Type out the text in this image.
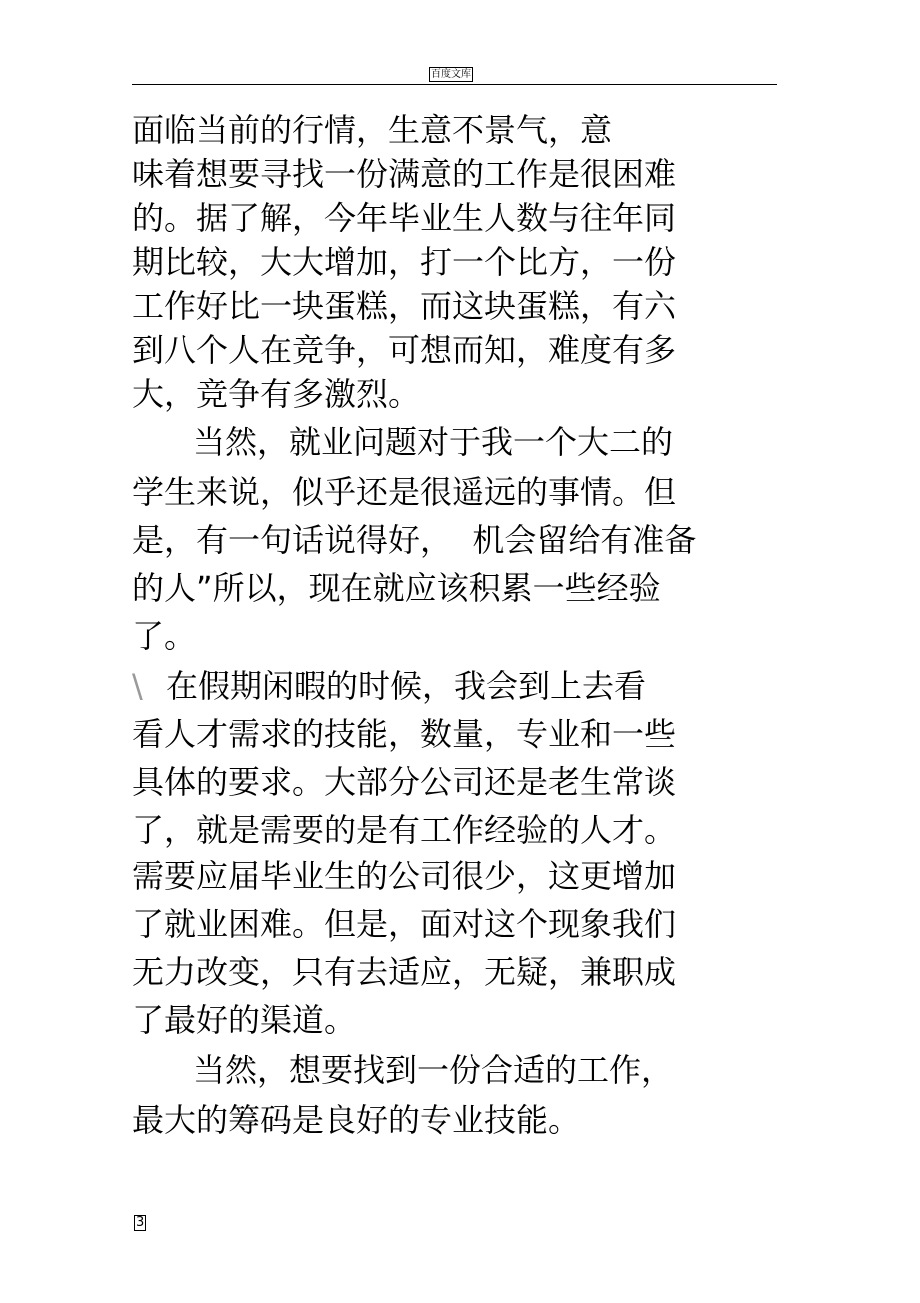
百度文库
面临当前的行情，生意不景气，意
味着想要寻找一份满意的工作是很困难
的。据了解，今年毕业生人数与往年同
期比较，大大增加，打一个比方，一份
工作好比一块蛋糕，而这块蛋糕，有六
到八个人在竞争，可想而知，难度有多
大，竞争有多激烈。
当然，就业问题对于我一个大二的
学生来说，似乎还是很遥远的事情。但
是，有一句话说得好，  机会留给有准备
的人”所以，现在就应该积累一些经验
了。
在假期闲暇的时候，我会到上去看
看人才需求的技能，数量，专业和一些
具体的要求。大部分公司还是老生常谈
了，就是需要的是有工作经验的人才。
需要应届毕业生的公司很少，这更增加
了就业困难。但是，面对这个现象我们
无力改变，只有去适应，无疑，兼职成
了最好的渠道。
当然，想要找到一份合适的工作，
最大的筹码是良好的专业技能。
\
3
